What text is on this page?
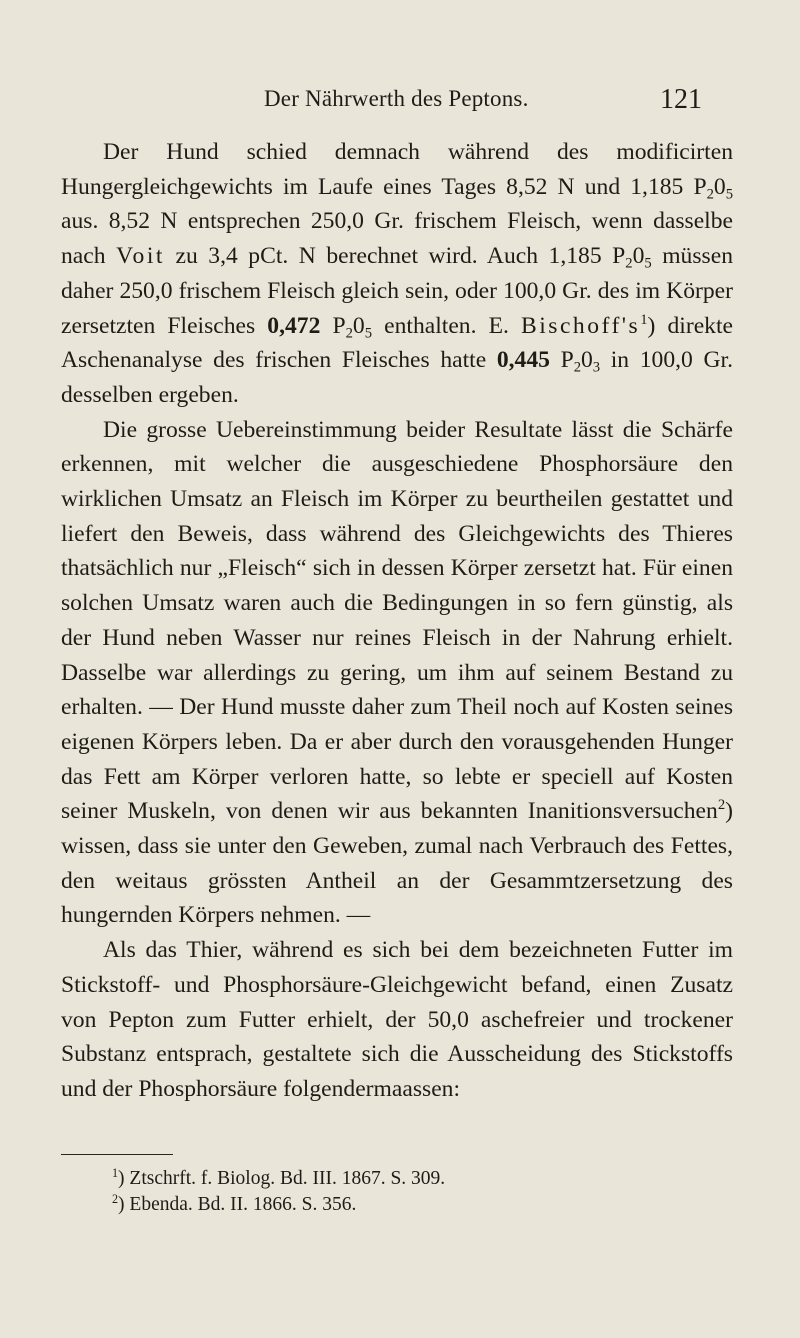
Der Nährwerth des Peptons.	121

Der Hund schied demnach während des modificirten Hungergleichgewichts im Laufe eines Tages 8,52 N und 1,185 $P_20_5$ aus. 8,52 N entsprechen 250,0 Gr. frischem Fleisch, wenn dasselbe nach Voit zu 3,4 pCt. N berechnet wird. Auch 1,185 $P_20_5$ müssen daher 250,0 frischem Fleisch gleich sein, oder 100,0 Gr. des im Körper zersetzten Fleisches 0,472 $P_20_5$ enthalten. E. $Bischoff's^1$) direkte Aschenanalyse des frischen Fleisches hatte 0,445 $P_20_3$ in 100,0 Gr. desselben ergeben.

Die grosse Uebereinstimmung beider Resultate lässt die Schärfe erkennen, mit welcher die ausgeschiedene Phosphorsäure den wirklichen Umsatz an Fleisch im Körper zu beurtheilen gestattet und liefert den Beweis, dass während des Gleichgewichts des Thieres thatsächlich nur „Fleisch“ sich in dessen Körper zersetzt hat. Für einen solchen Umsatz waren auch die Bedingungen in so fern günstig, als der Hund neben Wasser nur reines Fleisch in der Nahrung erhielt. Dasselbe war allerdings zu gering, um ihm auf seinem Bestand zu erhalten. — Der Hund musste daher zum Theil noch auf Kosten seines eigenen Körpers leben. Da er aber durch den vorausgehenden Hunger das Fett am Körper verloren hatte, so lebte er speciell auf Kosten seiner Muskeln, von denen wir aus bekannten Inanitionsversuchen$^2$) wissen, dass sie unter den Geweben, zumal nach Verbrauch des Fettes, den weitaus grössten Antheil an der Gesammtzersetzung des hungernden Körpers nehmen. —

Als das Thier, während es sich bei dem bezeichneten Futter im Stickstoff- und Phosphorsäure-Gleichgewicht befand, einen Zusatz von Pepton zum Futter erhielt, der 50,0 aschefreier und trockener Substanz entsprach, gestaltete sich die Ausscheidung des Stickstoffs und der Phosphorsäure folgendermaassen:

$^1$) Ztschrft. f. Biolog. Bd. III. 1867. S. 309.
$^2$) Ebenda. Bd. II. 1866. S. 356.
